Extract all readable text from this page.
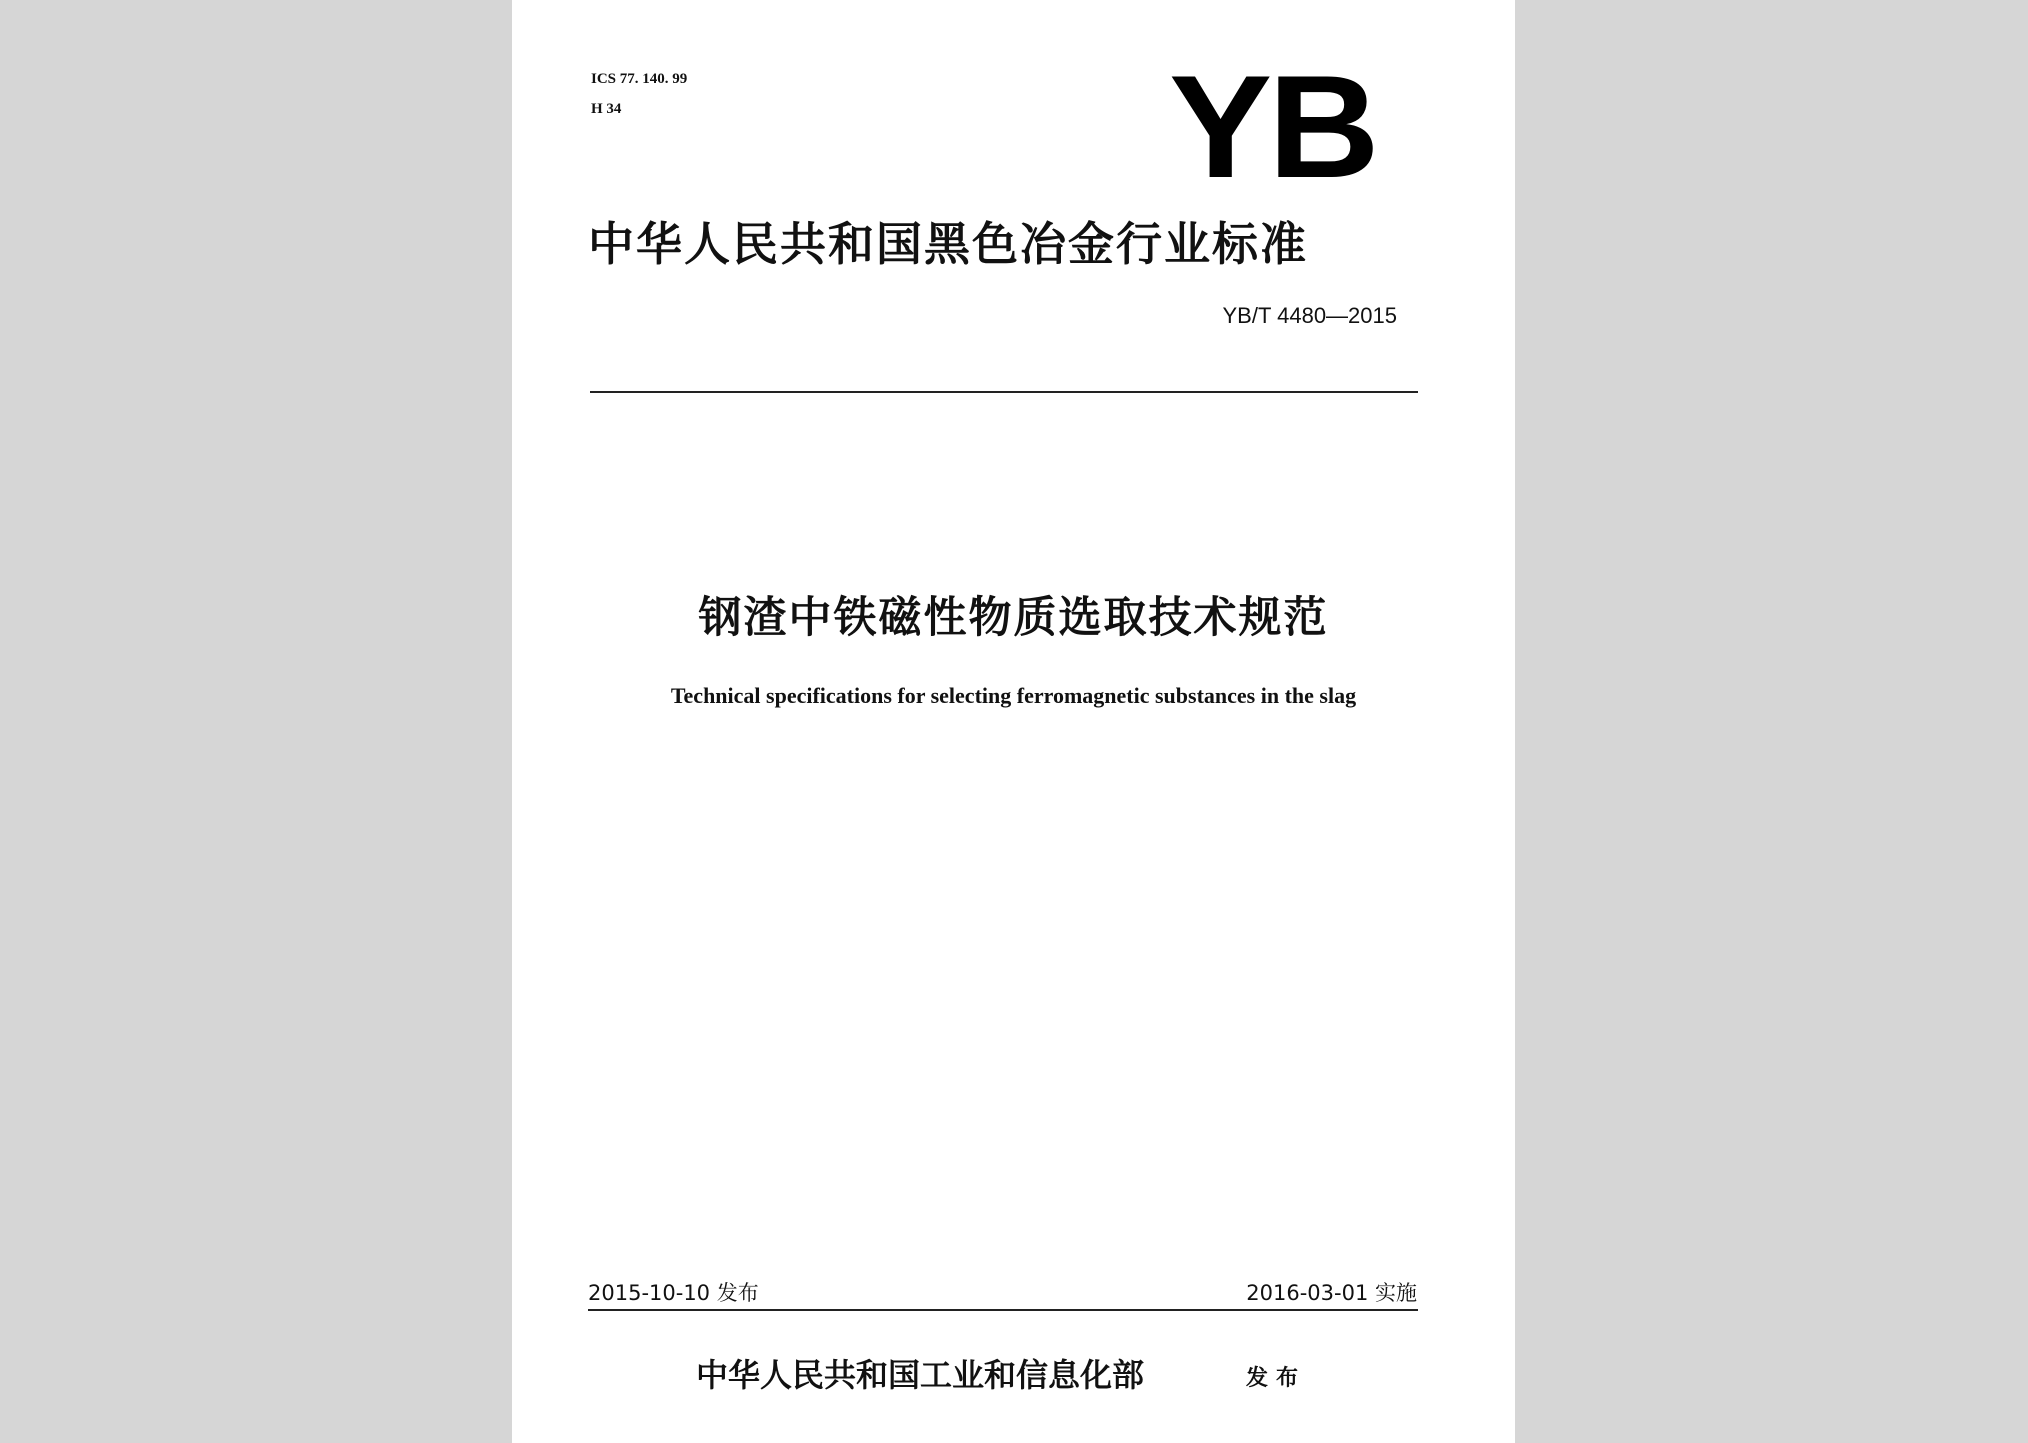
ICS 77. 140. 99
H 34	YB
中华人民共和国黑色冶金行业标准
YB/T 4480—2015
钢渣中铁磁性物质选取技术规范
Technical specifications for selecting ferromagnetic substances in the slag
2015-10-10 发布	2016-03-01 实施
中华人民共和国工业和信息化部	发布
